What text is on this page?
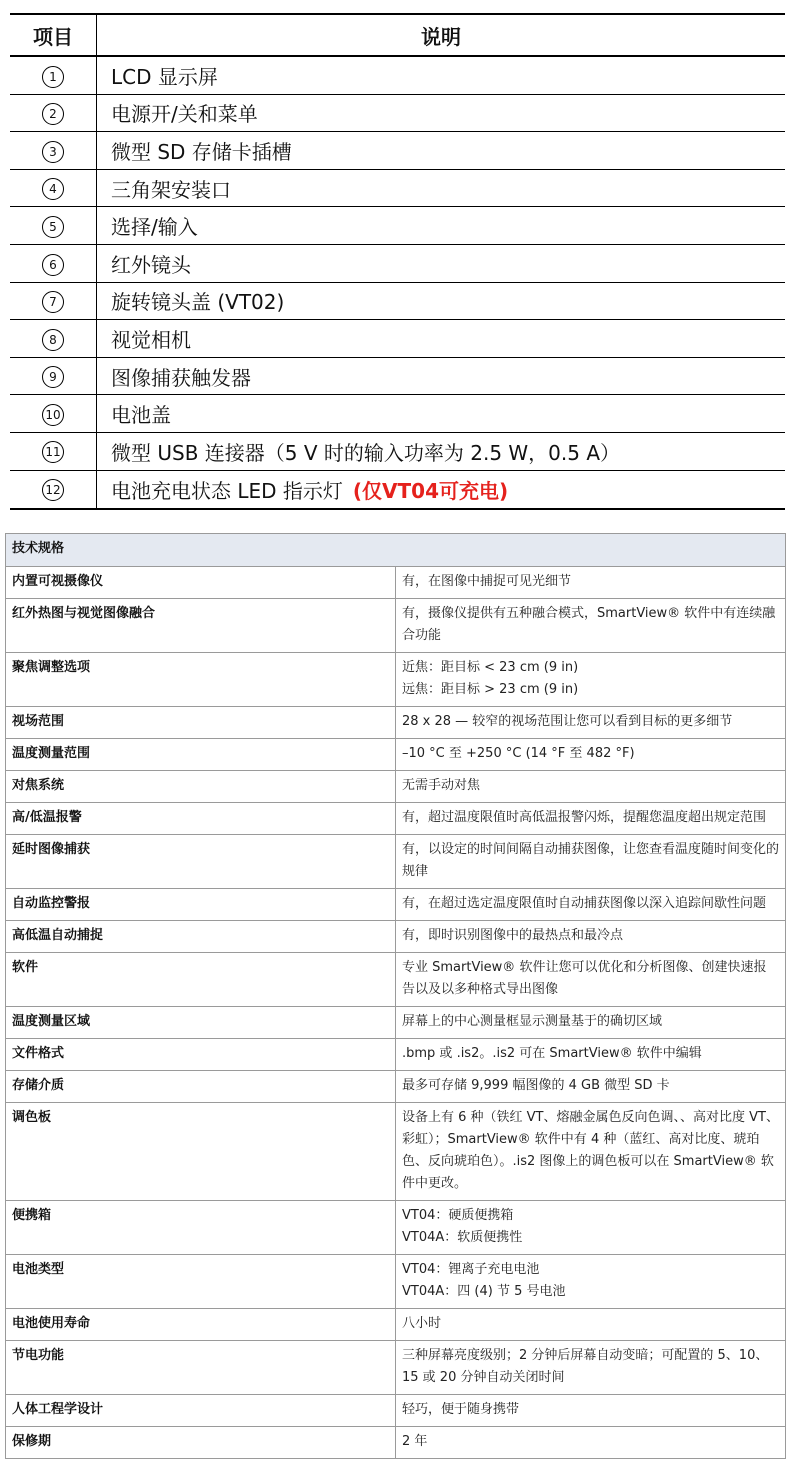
项目	说明
1	LCD 显示屏
2	电源开/关和菜单
3	微型 SD 存储卡插槽
4	三角架安装口
5	选择/输入
6	红外镜头
7	旋转镜头盖 (VT02)
8	视觉相机
9	图像捕获触发器
10	电池盖
11	微型 USB 连接器（5 V 时的输入功率为 2.5 W，0.5 A）
12	电池充电状态 LED 指示灯 (仅VT04可充电)
技术规格	
内置可视摄像仪	有，在图像中捕捉可见光细节

红外热图与视觉图像融合	有，摄像仪提供有五种融合模式，SmartView® 软件中有连续融合功能

聚焦调整选项	近焦：距目标 < 23 cm (9 in)
远焦：距目标 > 23 cm (9 in)

视场范围	28 x 28 — 较窄的视场范围让您可以看到目标的更多细节

温度测量范围	–10 °C 至 +250 °C (14 °F 至 482 °F)

对焦系统	无需手动对焦

高/低温报警	有，超过温度限值时高低温报警闪烁，提醒您温度超出规定范围

延时图像捕获	有，以设定的时间间隔自动捕获图像，让您查看温度随时间变化的规律

自动监控警报	有，在超过选定温度限值时自动捕获图像以深入追踪间歇性问题

高低温自动捕捉	有，即时识别图像中的最热点和最冷点

软件	专业 SmartView® 软件让您可以优化和分析图像、创建快速报告以及以多种格式导出图像

温度测量区域	屏幕上的中心测量框显示测量基于的确切区域

文件格式	.bmp 或 .is2。.is2 可在 SmartView® 软件中编辑

存储介质	最多可存储 9,999 幅图像的 4 GB 微型 SD 卡

调色板	设备上有 6 种（铁红 VT、熔融金属色反向色调、、高对比度 VT、彩虹）；SmartView® 软件中有 4 种（蓝红、高对比度、琥珀色、反向琥珀色）。.is2 图像上的调色板可以在 SmartView® 软件中更改。

便携箱	VT04：硬质便携箱
VT04A：软质便携性

电池类型	VT04：锂离子充电电池
VT04A：四 (4) 节 5 号电池

电池使用寿命	八小时

节电功能	三种屏幕亮度级别；2 分钟后屏幕自动变暗；可配置的 5、10、15 或 20 分钟自动关闭时间

人体工程学设计	轻巧，便于随身携带

保修期	2 年
